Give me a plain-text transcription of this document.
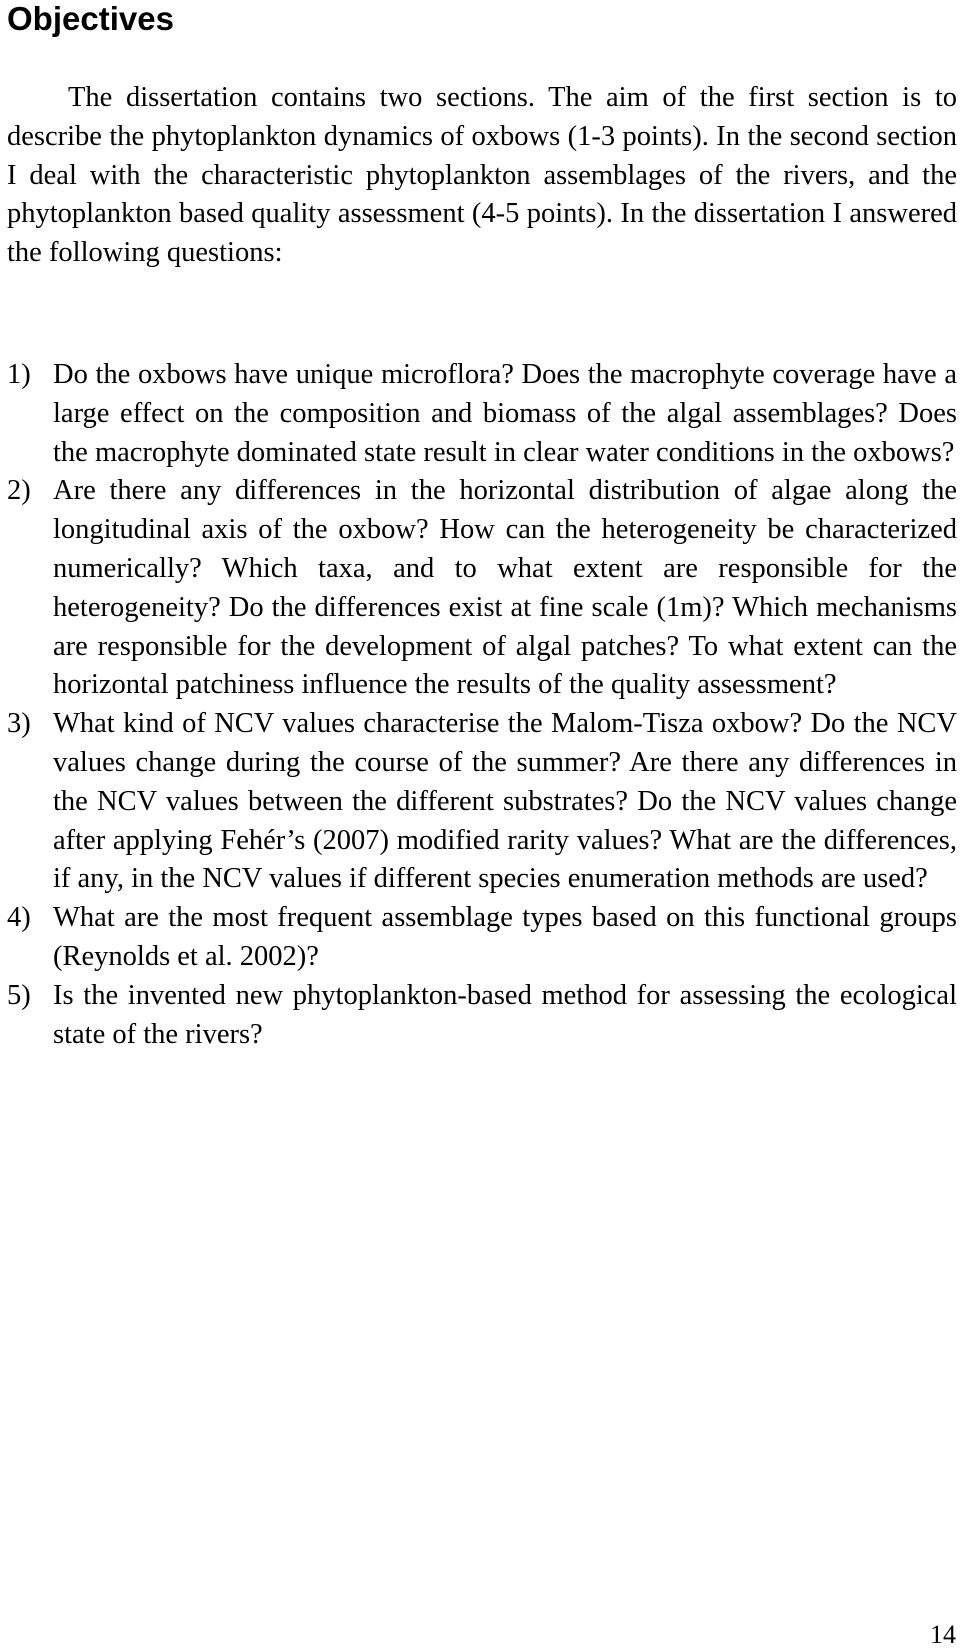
Objectives

The dissertation contains two sections. The aim of the first section is to describe the phytoplankton dynamics of oxbows (1-3 points). In the second section I deal with the characteristic phytoplankton assemblages of the rivers, and the phytoplankton based quality assessment (4-5 points). In the dissertation I answered the following questions:

1) Do the oxbows have unique microflora? Does the macrophyte coverage have a large effect on the composition and biomass of the algal assemblages? Does the macrophyte dominated state result in clear water conditions in the oxbows?
2) Are there any differences in the horizontal distribution of algae along the longitudinal axis of the oxbow? How can the heterogeneity be characterized numerically? Which taxa, and to what extent are responsible for the heterogeneity? Do the differences exist at fine scale (1m)? Which mechanisms are responsible for the development of algal patches? To what extent can the horizontal patchiness influence the results of the quality assessment?
3) What kind of NCV values characterise the Malom-Tisza oxbow? Do the NCV values change during the course of the summer? Are there any differences in the NCV values between the different substrates? Do the NCV values change after applying Fehér’s (2007) modified rarity values? What are the differences, if any, in the NCV values if different species enumeration methods are used?
4) What are the most frequent assemblage types based on this functional groups (Reynolds et al. 2002)?
5) Is the invented new phytoplankton-based method for assessing the ecological state of the rivers?
14
